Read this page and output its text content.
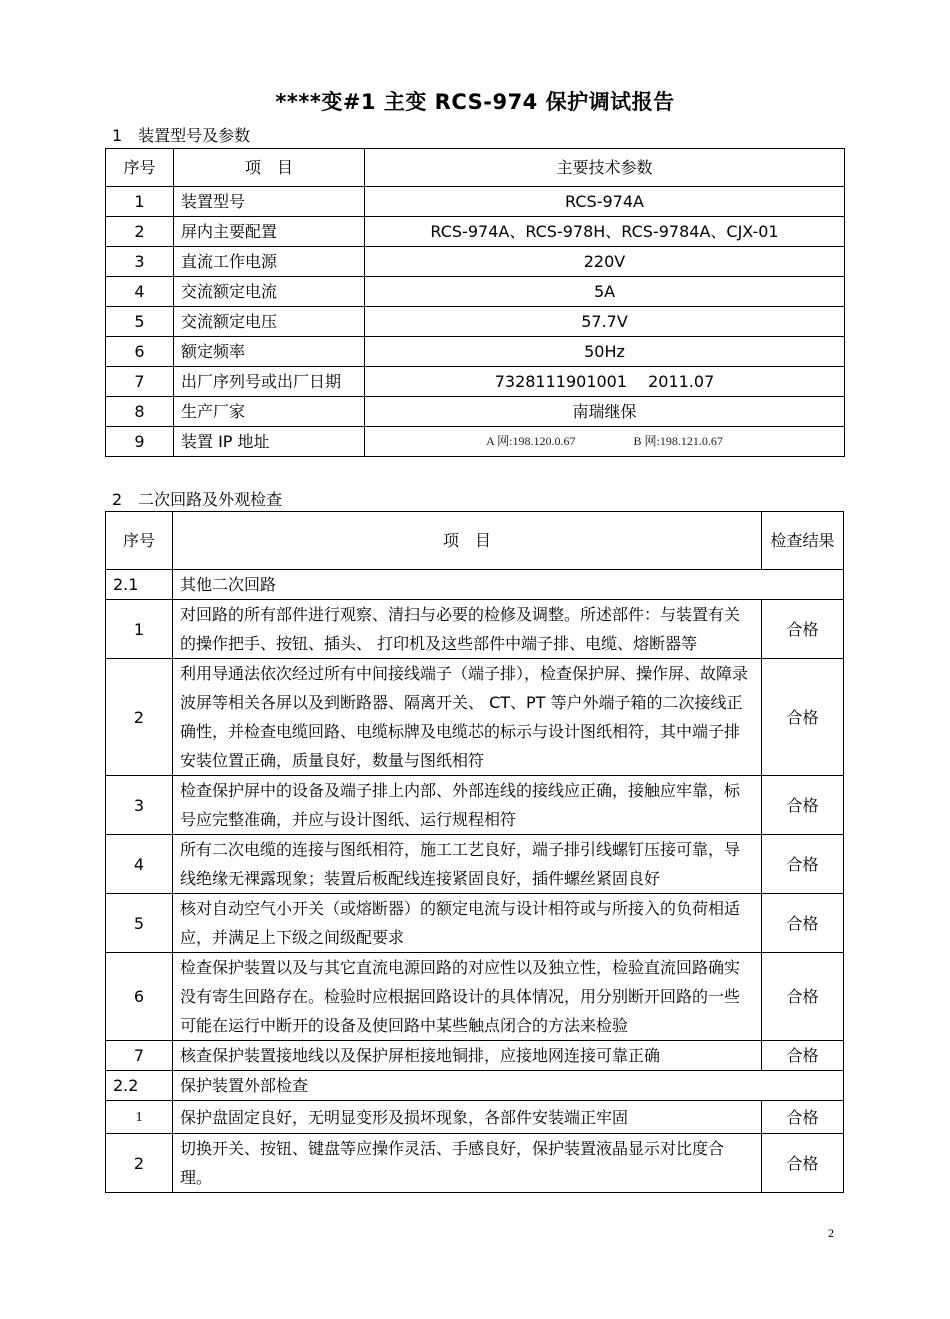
****变#1 主变 RCS-974 保护调试报告
1　装置型号及参数
序号	项　目	主要技术参数
1	装置型号	RCS-974A
2	屏内主要配置	RCS-974A、RCS-978H、RCS-9784A、CJX-01
3	直流工作电源	220V
4	交流额定电流	5A
5	交流额定电压	57.7V
6	额定频率	50Hz
7	出厂序列号或出厂日期	7328111901001　 2011.07
8	生产厂家	南瑞继保
9	装置 IP 地址	A 网:198.120.0.67 B 网:198.121.0.67
2　二次回路及外观检查
序号	项　目	检查结果
2.1	其他二次回路	
1	对回路的所有部件进行观察、清扫与必要的检修及调整。所述部件：与装置有关的操作把手、按钮、插头、 打印机及这些部件中端子排、电缆、熔断器等	合格
2	利用导通法依次经过所有中间接线端子（端子排），检查保护屏、操作屏、故障录波屏等相关各屏以及到断路器、隔离开关、 CT、PT 等户外端子箱的二次接线正确性，并检查电缆回路、电缆标牌及电缆芯的标示与设计图纸相符，其中端子排安装位置正确，质量良好，数量与图纸相符	合格
3	检查保护屏中的设备及端子排上内部、外部连线的接线应正确，接触应牢靠，标号应完整准确，并应与设计图纸、运行规程相符	合格
4	所有二次电缆的连接与图纸相符，施工工艺良好，端子排引线螺钉压接可靠，导线绝缘无裸露现象；装置后板配线连接紧固良好，插件螺丝紧固良好	合格
5	核对自动空气小开关（或熔断器）的额定电流与设计相符或与所接入的负荷相适应，并满足上下级之间级配要求	合格
6	检查保护装置以及与其它直流电源回路的对应性以及独立性，检验直流回路确实没有寄生回路存在。检验时应根据回路设计的具体情况，用分别断开回路的一些可能在运行中断开的设备及使回路中某些触点闭合的方法来检验	合格
7	核查保护装置接地线以及保护屏柜接地铜排，应接地网连接可靠正确	合格
2.2	保护装置外部检查	
1	保护盘固定良好，无明显变形及损坏现象，各部件安装端正牢固	合格
2	切换开关、按钮、键盘等应操作灵活、手感良好，保护装置液晶显示对比度合理。	合格
2
